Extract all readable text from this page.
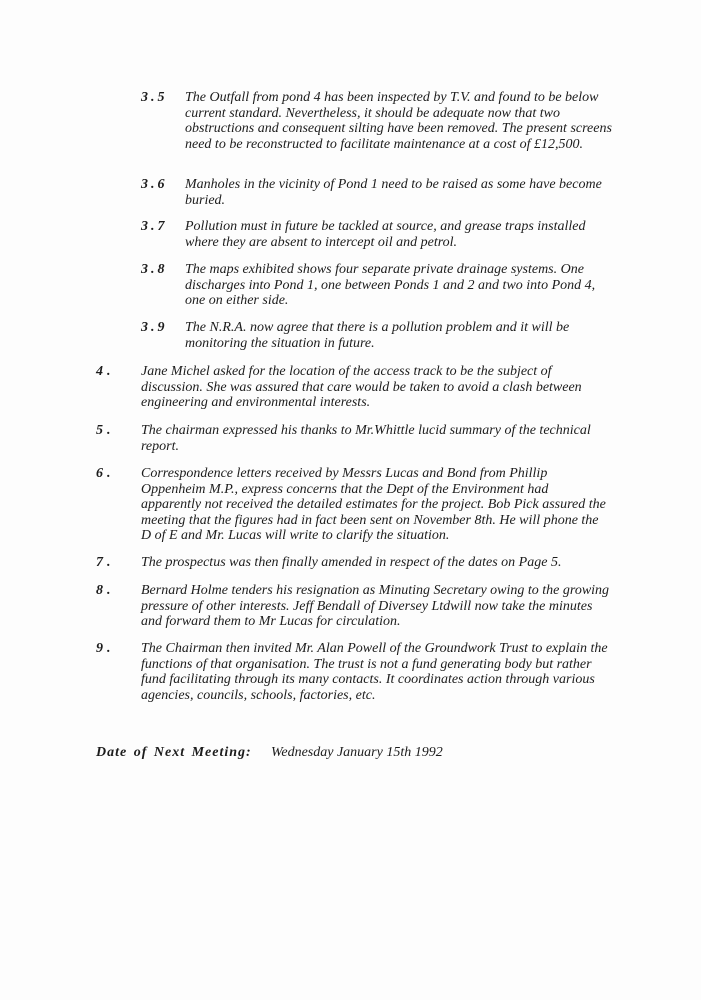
3.5 The Outfall from pond 4 has been inspected by T.V. and found to be below current standard. Nevertheless, it should be adequate now that two obstructions and consequent silting have been removed. The present screens need to be reconstructed to facilitate maintenance at a cost of £12,500.
3.6 Manholes in the vicinity of Pond 1 need to be raised as some have become buried.
3.7 Pollution must in future be tackled at source, and grease traps installed where they are absent to intercept oil and petrol.
3.8 The maps exhibited shows four separate private drainage systems. One discharges into Pond 1, one between Ponds 1 and 2 and two into Pond 4, one on either side.
3.9 The N.R.A. now agree that there is a pollution problem and it will be monitoring the situation in future.
4. Jane Michel asked for the location of the access track to be the subject of discussion. She was assured that care would be taken to avoid a clash between engineering and environmental interests.
5. The chairman expressed his thanks to Mr.Whittle lucid summary of the technical report.
6. Correspondence letters received by Messrs Lucas and Bond from Phillip Oppenheim M.P., express concerns that the Dept of the Environment had apparently not received the detailed estimates for the project. Bob Pick assured the meeting that the figures had in fact been sent on November 8th. He will phone the D of E and Mr. Lucas will write to clarify the situation.
7. The prospectus was then finally amended in respect of the dates on Page 5.
8. Bernard Holme tenders his resignation as Minuting Secretary owing to the growing pressure of other interests. Jeff Bendall of Diversey Ltdwill now take the minutes and forward them to Mr Lucas for circulation.
9. The Chairman then invited Mr. Alan Powell of the Groundwork Trust to explain the functions of that organisation. The trust is not a fund generating body but rather fund facilitating through its many contacts. It coordinates action through various agencies, councils, schools, factories, etc.
Date of Next Meeting: Wednesday January 15th 1992
